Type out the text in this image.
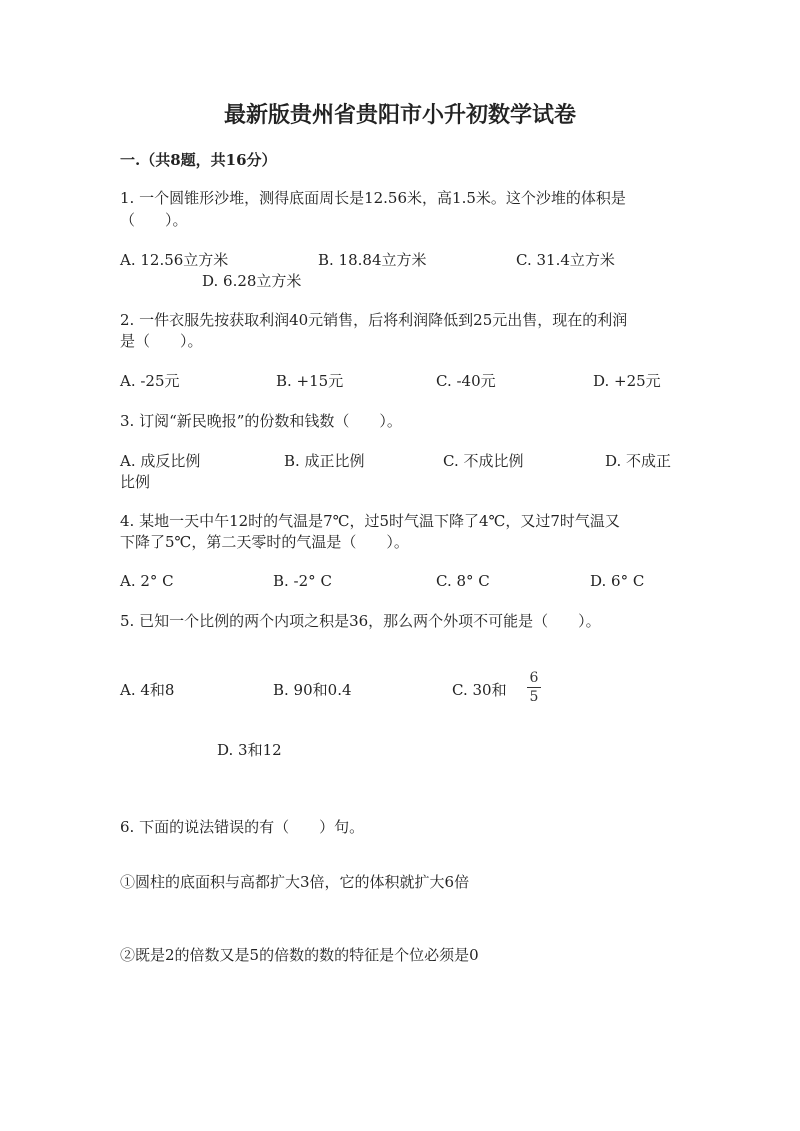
最新版贵州省贵阳市小升初数学试卷
一.（共8题，共16分）
1. 一个圆锥形沙堆，测得底面周长是12.56米，高1.5米。这个沙堆的体积是
（　　）。
A. 12.56立方米	B. 18.84立方米	C. 31.4立方米
D. 6.28立方米
2. 一件衣服先按获取利润40元销售，后将利润降低到25元出售，现在的利润
是（　　）。
A. -25元	B. +15元	C. -40元	D. +25元
3. 订阅“新民晚报”的份数和钱数（　　）。
A. 成反比例	B. 成正比例	C. 不成比例	D. 不成正
比例
4. 某地一天中午12时的气温是7℃，过5时气温下降了4℃，又过7时气温又
下降了5℃，第二天零时的气温是（　　）。
A. 2° C	B. -2° C	C. 8° C	D. 6° C
5. 已知一个比例的两个内项之积是36，那么两个外项不可能是（　　）。
A. 4和8	B. 90和0.4	C. 30和
6
5
D. 3和12
6. 下面的说法错误的有（　　）句。
①圆柱的底面积与高都扩大3倍，它的体积就扩大6倍
②既是2的倍数又是5的倍数的数的特征是个位必须是0
